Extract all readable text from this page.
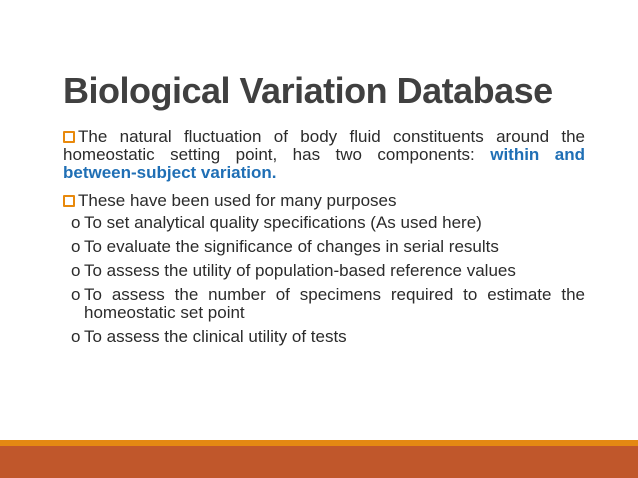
Biological Variation Database

The natural fluctuation of body fluid constituents around the homeostatic setting point, has two components: within and between-subject variation.

These have been used for many purposes
o To set analytical quality specifications (As used here)
o To evaluate the significance of changes in serial results
o To assess the utility of population-based reference values
o To assess the number of specimens required to estimate the homeostatic set point
o To assess the clinical utility of tests
